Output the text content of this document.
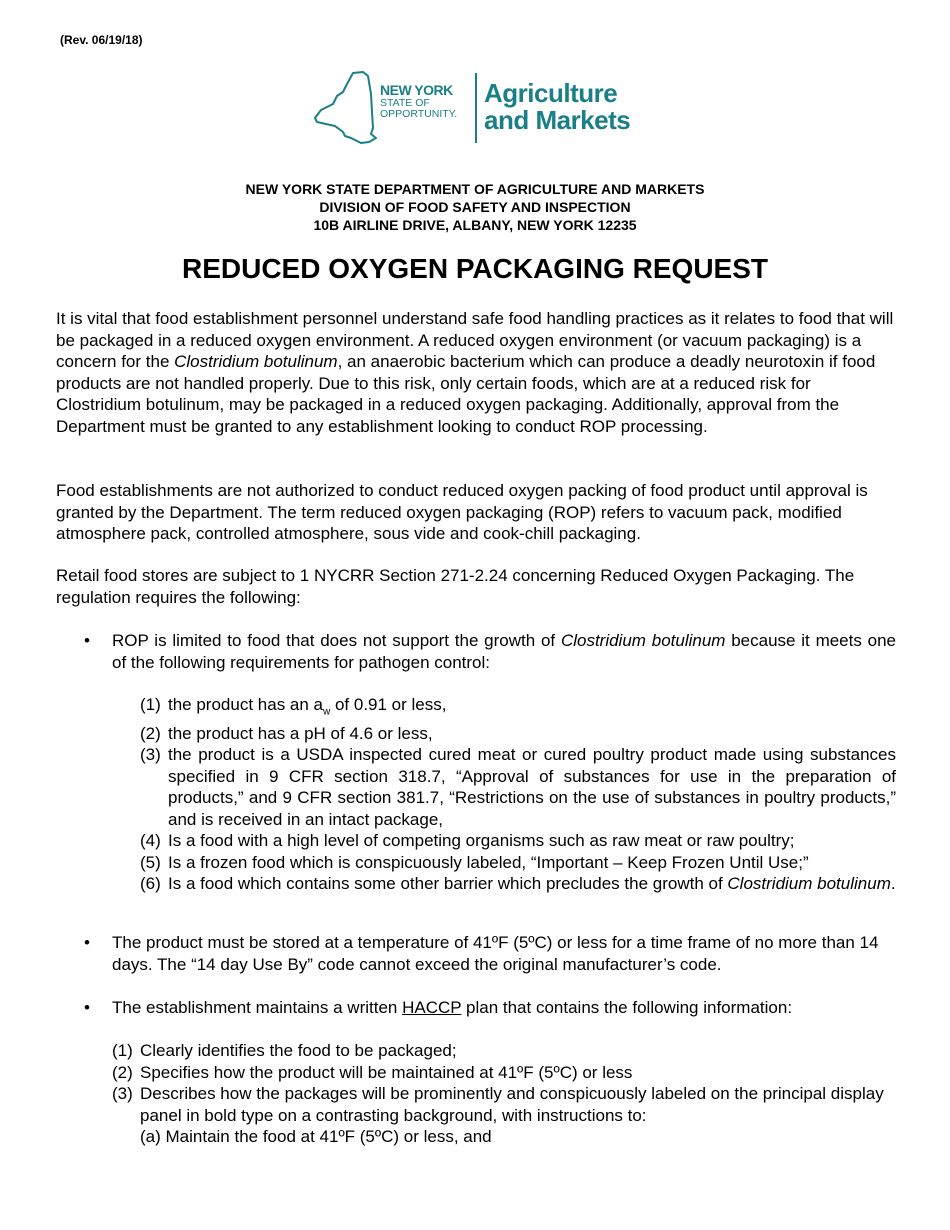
(Rev. 06/19/18)
NEW YORK
STATE OF
OPPORTUNITY.
Agriculture
and Markets
NEW YORK STATE DEPARTMENT OF AGRICULTURE AND MARKETS
DIVISION OF FOOD SAFETY AND INSPECTION
10B AIRLINE DRIVE, ALBANY, NEW YORK 12235
REDUCED OXYGEN PACKAGING REQUEST
It is vital that food establishment personnel understand safe food handling practices as it relates to food that will be packaged in a reduced oxygen environment. A reduced oxygen environment (or vacuum packaging) is a concern for the Clostridium botulinum, an anaerobic bacterium which can produce a deadly neurotoxin if food products are not handled properly. Due to this risk, only certain foods, which are at a reduced risk for Clostridium botulinum, may be packaged in a reduced oxygen packaging. Additionally, approval from the Department must be granted to any establishment looking to conduct ROP processing.
Food establishments are not authorized to conduct reduced oxygen packing of food product until approval is granted by the Department. The term reduced oxygen packaging (ROP) refers to vacuum pack, modified atmosphere pack, controlled atmosphere, sous vide and cook-chill packaging.
Retail food stores are subject to 1 NYCRR Section 271-2.24 concerning Reduced Oxygen Packaging. The regulation requires the following:
• ROP is limited to food that does not support the growth of Clostridium botulinum because it meets one of the following requirements for pathogen control:
(1) the product has an $a_w$ of 0.91 or less,
(2) the product has a pH of 4.6 or less,
(3) the product is a USDA inspected cured meat or cured poultry product made using substances specified in 9 CFR section 318.7, “Approval of substances for use in the preparation of products,” and 9 CFR section 381.7, “Restrictions on the use of substances in poultry products,” and is received in an intact package,
(4) Is a food with a high level of competing organisms such as raw meat or raw poultry;
(5) Is a frozen food which is conspicuously labeled, “Important – Keep Frozen Until Use;”
(6) Is a food which contains some other barrier which precludes the growth of Clostridium botulinum.
• The product must be stored at a temperature of 41ºF (5ºC) or less for a time frame of no more than 14 days. The “14 day Use By” code cannot exceed the original manufacturer’s code.
• The establishment maintains a written HACCP plan that contains the following information:
(1) Clearly identifies the food to be packaged;
(2) Specifies how the product will be maintained at 41ºF (5ºC) or less
(3) Describes how the packages will be prominently and conspicuously labeled on the principal display panel in bold type on a contrasting background, with instructions to:
(a) Maintain the food at 41ºF (5ºC) or less, and
